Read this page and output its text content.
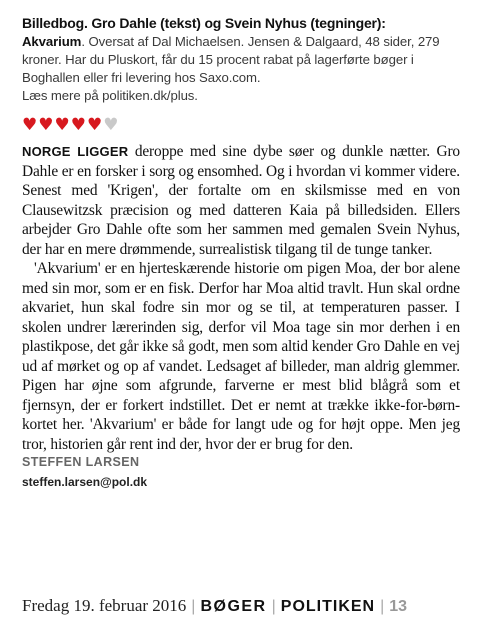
Billedbog. Gro Dahle (tekst) og Svein Nyhus (tegninger):
Akvarium. Oversat af Dal Michaelsen. Jensen & Dalgaard, 48 sider, 279 kroner. Har du Pluskort, får du 15 procent rabat på lagerførte bøger i Boghallen eller fri levering hos Saxo.com.
Læs mere på politiken.dk/plus.
♥ ♥ ♥ ♥ ♥ ♥

NORGE LIGGER deroppe med sine dybe søer og dunkle nætter. Gro Dahle er en forsker i sorg og ensomhed. Og i hvordan vi kommer videre. Senest med 'Krigen', der fortalte om en skilsmisse med en von Clausewitzsk præcision og med datteren Kaia på billedsiden. Ellers arbejder Gro Dahle ofte som her sammen med gemalen Svein Nyhus, der har en mere drømmende, surrealistisk tilgang til de tunge tanker.

'Akvarium' er en hjerteskærende historie om pigen Moa, der bor alene med sin mor, som er en fisk. Derfor har Moa altid travlt. Hun skal ordne akvariet, hun skal fodre sin mor og se til, at temperaturen passer. I skolen undrer lærerinden sig, derfor vil Moa tage sin mor derhen i en plastikpose, det går ikke så godt, men som altid kender Gro Dahle en vej ud af mørket og op af vandet. Ledsaget af billeder, man aldrig glemmer. Pigen har øjne som afgrunde, farverne er mest blid blågrå som et fjernsyn, der er forkert indstillet. Det er nemt at trække ikke-for-børn-kortet her. 'Akvarium' er både for langt ude og for højt oppe. Men jeg tror, historien går rent ind der, hvor der er brug for den.

STEFFEN LARSEN
steffen.larsen@pol.dk
Fredag 19. februar 2016 | BØGER | POLITIKEN | 13
